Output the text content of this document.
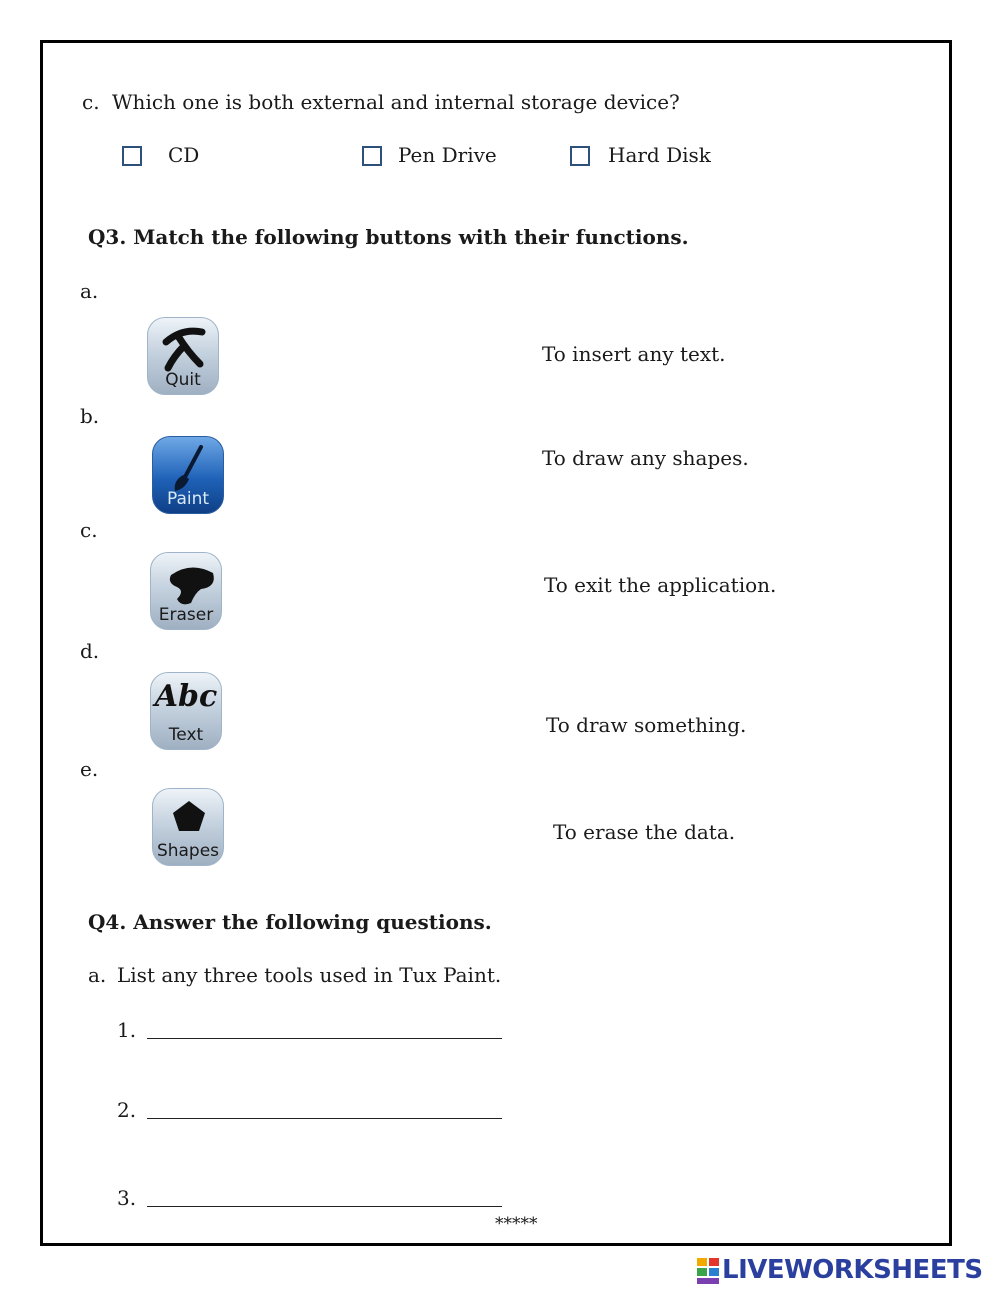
c. Which one is both external and internal storage device?
CD	Pen Drive	Hard Disk
Q3. Match the following buttons with their functions.
a.
Quit
To insert any text.
b.
Paint
To draw any shapes.
c.
Eraser
To exit the application.
d.
Abc
Text	To draw something.
e.
Shapes
To erase the data.
Q4. Answer the following questions.
a. List any three tools used in Tux Paint.
1.
2.
3.
*****
LIVEWORKSHEETS
